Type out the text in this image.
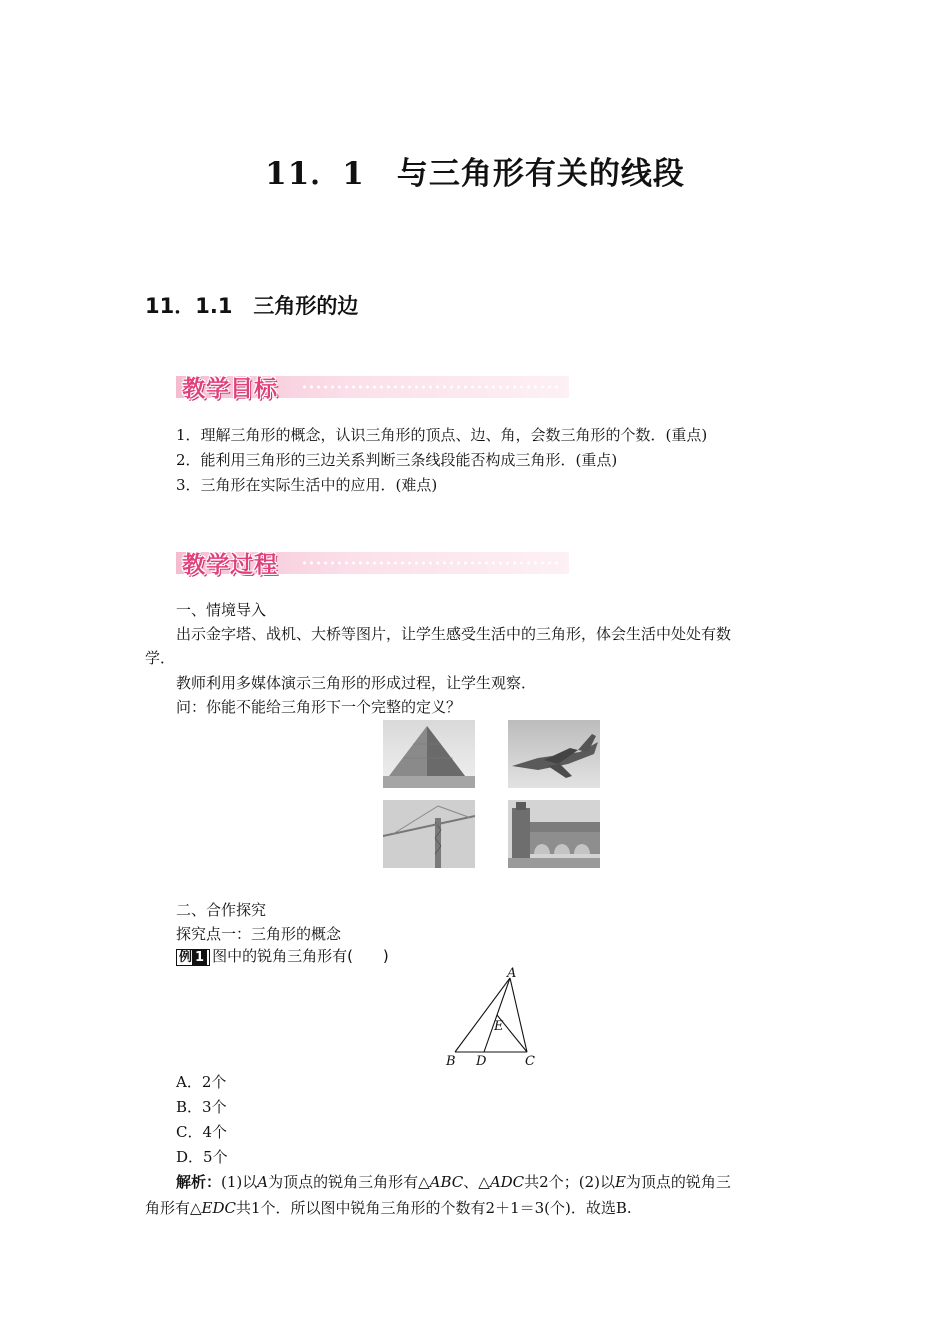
11．1　与三角形有关的线段
11．1.1　三角形的边
教学目标
1．理解三角形的概念，认识三角形的顶点、边、角，会数三角形的个数．(重点)
2．能利用三角形的三边关系判断三条线段能否构成三角形．(重点)
3．三角形在实际生活中的应用．(难点)
教学过程
一、情境导入
出示金字塔、战机、大桥等图片，让学生感受生活中的三角形，体会生活中处处有数
学．
教师利用多媒体演示三角形的形成过程，让学生观察．
问：你能不能给三角形下一个完整的定义？
二、合作探究
探究点一：三角形的概念
例 1 图中的锐角三角形有(　　)
A
B D	C
E
A．2个
B．3个
C．4个
D．5个
解析：(1)以A为顶点的锐角三角形有△ABC、△ADC共2个；(2)以E为顶点的锐角三
角形有△EDC共1个．所以图中锐角三角形的个数有2＋1＝3(个)．故选B.
